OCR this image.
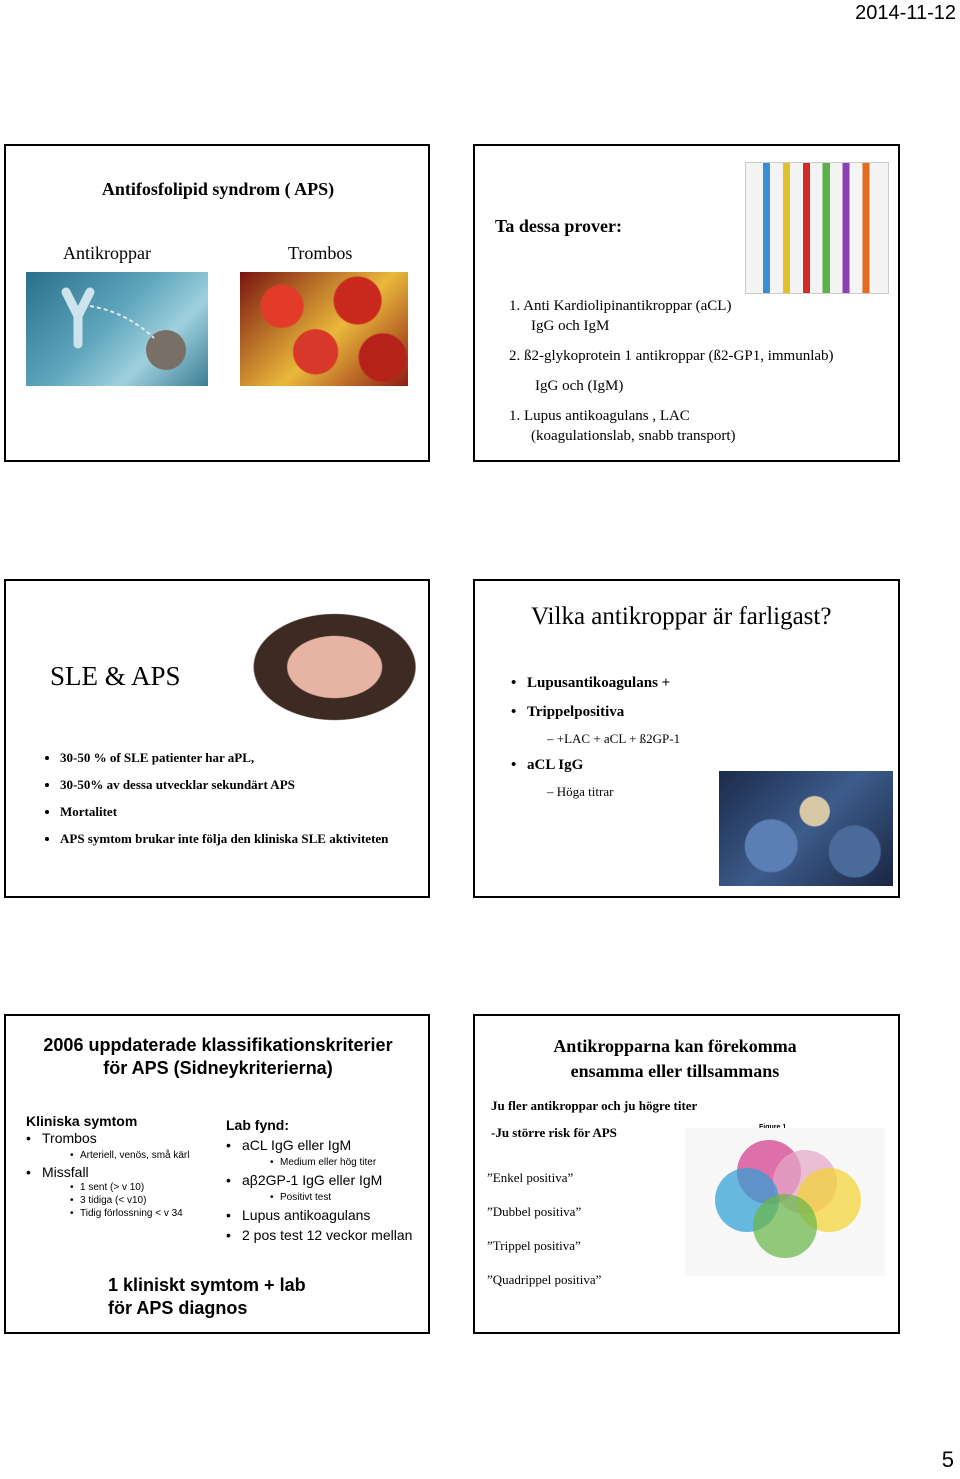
2014-11-12
Antifosfolipid syndrom ( APS)
Antikroppar	Trombos
Ta dessa prover:
1. Anti Kardiolipinantikroppar (aCL)
IgG och IgM
2. ß2-glykoprotein 1 antikroppar (ß2-GP1, immunlab)
IgG och (IgM)
1. Lupus antikoagulans , LAC
(koagulationslab, snabb transport)
SLE & APS
• 30-50 % of SLE patienter har aPL,
• 30-50% av dessa utvecklar sekundärt APS
• Mortalitet
• APS symtom brukar inte följa den kliniska SLE aktiviteten
Vilka antikroppar är farligast?
• Lupusantikoagulans +
• Trippelpositiva
– +LAC + aCL + ß2GP-1
• aCL IgG
– Höga titrar
2006 uppdaterade klassifikationskriterier
för APS (Sidneykriterierna)
Kliniska symtom
• Trombos
• Arteriell, venös, små kärl
• Missfall
• 1 sent (> v 10)
• 3 tidiga (< v10)
• Tidig förlossning < v 34
Lab fynd:
• aCL IgG eller IgM
• Medium eller hög titer
• aβ2GP-1 IgG eller IgM
• Positivt test
• Lupus antikoagulans
• 2 pos test 12 veckor mellan
1 kliniskt symtom + lab
för APS diagnos
Antikropparna kan förekomma
ensamma eller tillsammans
Ju fler antikroppar och ju högre titer
-Ju större risk för APS
”Enkel positiva”
”Dubbel positiva”
”Trippel positiva”
”Quadrippel positiva”
5
